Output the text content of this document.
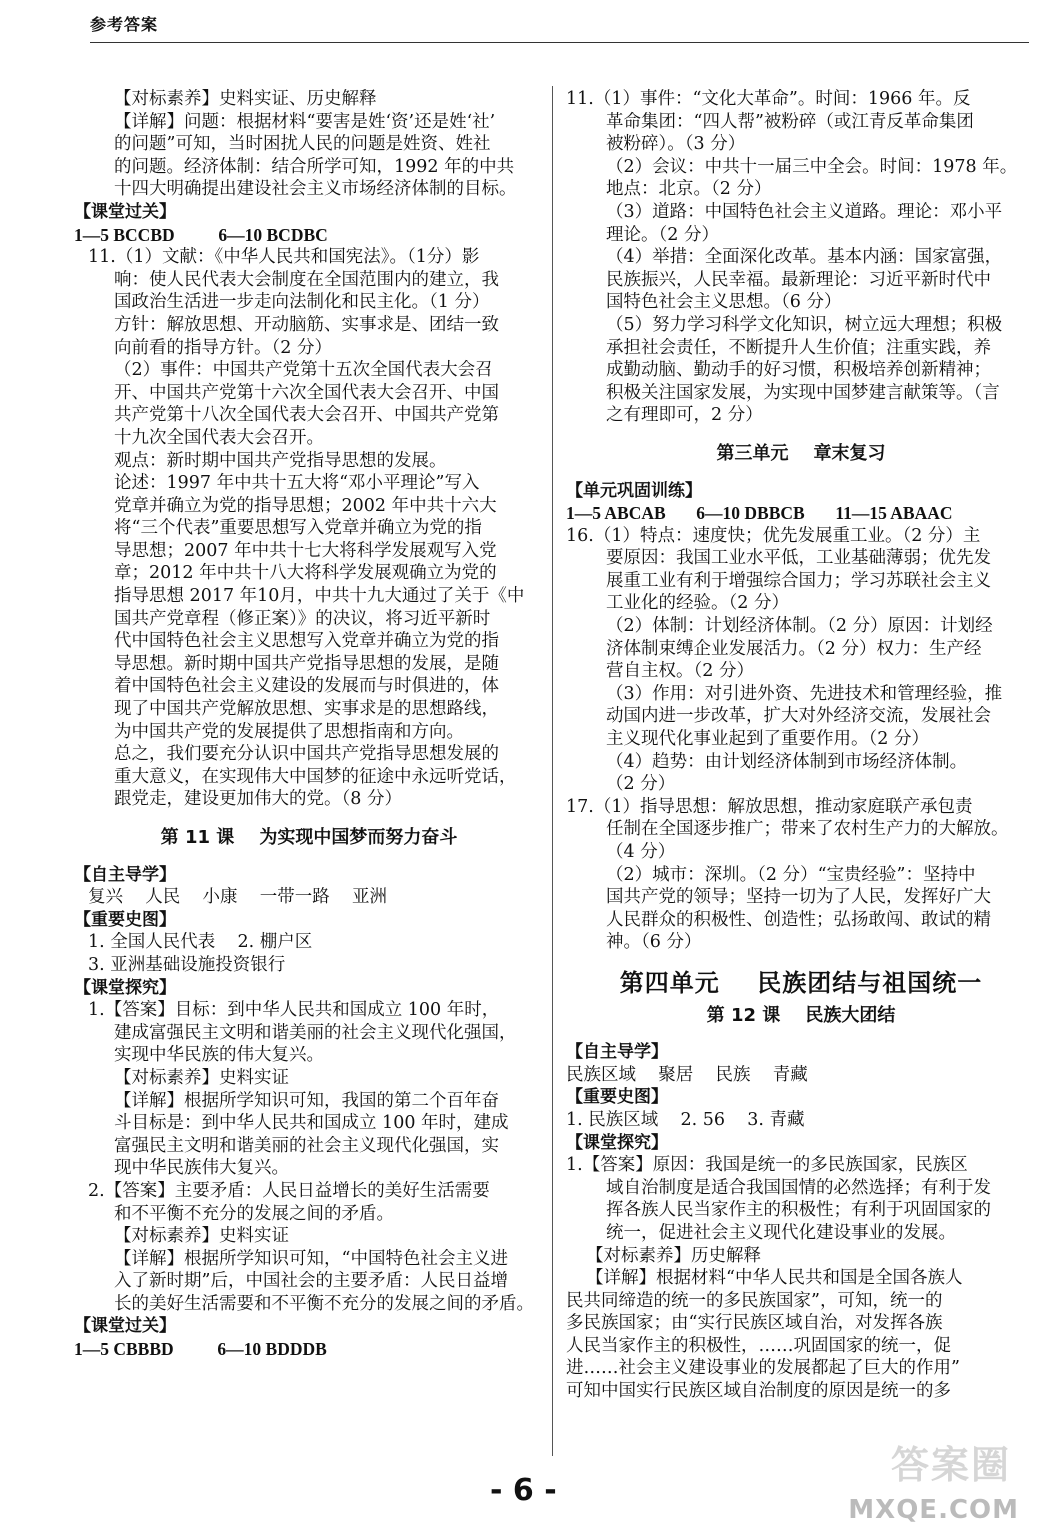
参考答案

【对标素养】史料实证、历史解释

【详解】问题：根据材料“要害是姓‘资’还是姓‘社’

的问题”可知，当时困扰人民的问题是姓资、姓社

的问题。经济体制：结合所学可知，1992 年的中共

十四大明确提出建设社会主义市场经济体制的目标。

【课堂过关】

1—5 BCCBD          6—10 BCDBC

11.（1）文献：《中华人民共和国宪法》。（1分）影

响：使人民代表大会制度在全国范围内的建立，我

国政治生活进一步走向法制化和民主化。（1 分）

方针：解放思想、开动脑筋、实事求是、团结一致

向前看的指导方针。（2 分）

（2）事件：中国共产党第十五次全国代表大会召

开、中国共产党第十六次全国代表大会召开、中国

共产党第十八次全国代表大会召开、中国共产党第

十九次全国代表大会召开。

观点：新时期中国共产党指导思想的发展。

论述：1997 年中共十五大将“邓小平理论”写入

党章并确立为党的指导思想；2002 年中共十六大

将“三个代表”重要思想写入党章并确立为党的指

导思想；2007 年中共十七大将科学发展观写入党

章；2012 年中共十八大将科学发展观确立为党的

指导思想 2017 年10月，中共十九大通过了关于《中

国共产党章程（修正案）》的决议，将习近平新时

代中国特色社会主义思想写入党章并确立为党的指

导思想。新时期中国共产党指导思想的发展，是随

着中国特色社会主义建设的发展而与时俱进的，体

现了中国共产党解放思想、实事求是的思想路线，

为中国共产党的发展提供了思想指南和方向。

总之，我们要充分认识中国共产党指导思想发展的

重大意义，在实现伟大中国梦的征途中永远听党话，

跟党走，建设更加伟大的党。（8 分）

第 11 课    为实现中国梦而努力奋斗

【自主导学】

复兴    人民    小康    一带一路    亚洲

【重要史图】

1. 全国人民代表    2. 棚户区

3. 亚洲基础设施投资银行

【课堂探究】

1.【答案】目标：到中华人民共和国成立 100 年时，

建成富强民主文明和谐美丽的社会主义现代化强国，

实现中华民族的伟大复兴。

【对标素养】史料实证

【详解】根据所学知识可知，我国的第二个百年奋

斗目标是：到中华人民共和国成立 100 年时，建成

富强民主文明和谐美丽的社会主义现代化强国，实

现中华民族伟大复兴。

2.【答案】主要矛盾：人民日益增长的美好生活需要

和不平衡不充分的发展之间的矛盾。

【对标素养】史料实证

【详解】根据所学知识可知，“中国特色社会主义进

入了新时期”后，中国社会的主要矛盾：人民日益增

长的美好生活需要和不平衡不充分的发展之间的矛盾。

【课堂过关】

1—5 CBBBD          6—10 BDDDB

11.（1）事件：“文化大革命”。时间：1966 年。反

革命集团：“四人帮”被粉碎（或江青反革命集团

被粉碎）。（3 分）

（2）会议：中共十一届三中全会。时间：1978 年。

地点：北京。（2 分）

（3）道路：中国特色社会主义道路。理论：邓小平

理论。（2 分）

（4）举措：全面深化改革。基本内涵：国家富强，

民族振兴，人民幸福。最新理论：习近平新时代中

国特色社会主义思想。（6 分）

（5）努力学习科学文化知识，树立远大理想；积极

承担社会责任，不断提升人生价值；注重实践，养

成勤动脑、勤动手的好习惯，积极培养创新精神；

积极关注国家发展，为实现中国梦建言献策等。（言

之有理即可，2 分）

第三单元    章末复习

【单元巩固训练】

1—5 ABCAB       6—10 DBBCB       11—15 ABAAC

16.（1）特点：速度快；优先发展重工业。（2 分）主

要原因：我国工业水平低，工业基础薄弱；优先发

展重工业有利于增强综合国力；学习苏联社会主义

工业化的经验。（2 分）

（2）体制：计划经济体制。（2 分）原因：计划经

济体制束缚企业发展活力。（2 分）权力：生产经

营自主权。（2 分）

（3）作用：对引进外资、先进技术和管理经验，推

动国内进一步改革，扩大对外经济交流，发展社会

主义现代化事业起到了重要作用。（2 分）

（4）趋势：由计划经济体制到市场经济体制。

（2 分）

17.（1）指导思想：解放思想，推动家庭联产承包责

任制在全国逐步推广；带来了农村生产力的大解放。

（4 分）

（2）城市：深圳。（2 分）“宝贵经验”：坚持中

国共产党的领导；坚持一切为了人民，发挥好广大

人民群众的积极性、创造性；弘扬敢闯、敢试的精

神。（6 分）

第四单元    民族团结与祖国统一
第 12 课    民族大团结

【自主导学】

民族区域    聚居    民族    青藏

【重要史图】

1. 民族区域    2. 56    3. 青藏

【课堂探究】

1.【答案】原因：我国是统一的多民族国家，民族区

域自治制度是适合我国国情的必然选择；有利于发

挥各族人民当家作主的积极性；有利于巩固国家的

统一，促进社会主义现代化建设事业的发展。

【对标素养】历史解释

【详解】根据材料“中华人民共和国是全国各族人

民共同缔造的统一的多民族国家”，可知，统一的

多民族国家；由“实行民族区域自治，对发挥各族

人民当家作主的积极性，……巩固国家的统一，促

进……社会主义建设事业的发展都起了巨大的作用”

可知中国实行民族区域自治制度的原因是统一的多

- 6 -
答案圈
MXQE.COM
